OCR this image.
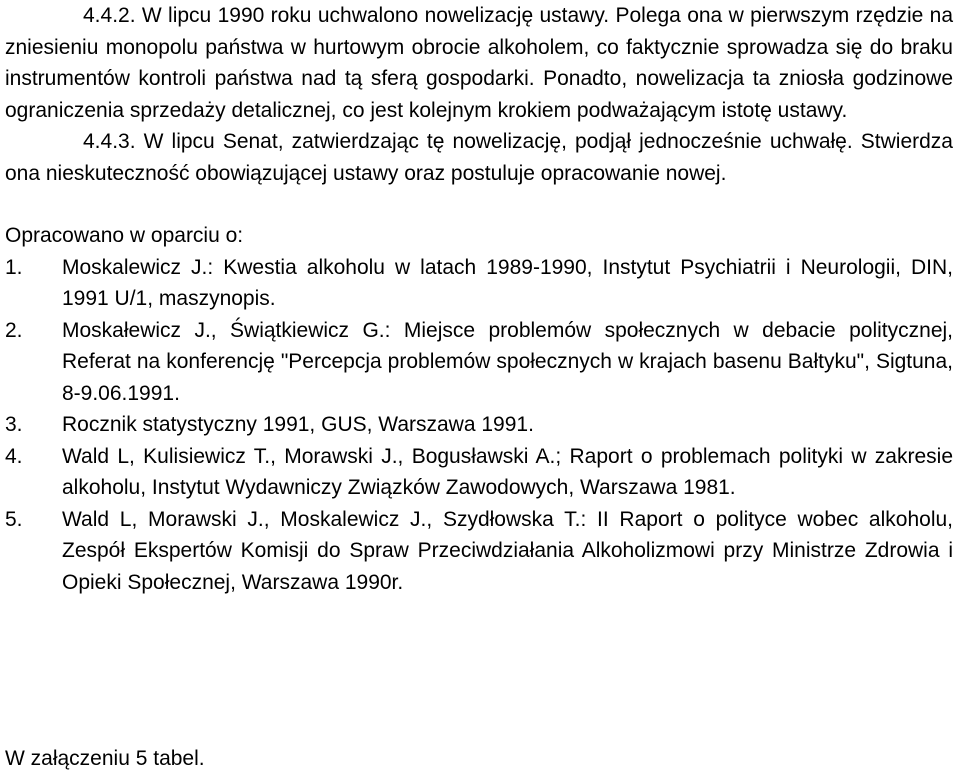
4.4.2. W lipcu 1990 roku uchwalono nowelizację ustawy. Polega ona w pierwszym rzędzie na zniesieniu monopolu państwa w hurtowym obrocie alkoholem, co faktycznie sprowadza się do braku instrumentów kontroli państwa nad tą sferą gospodarki. Ponadto, nowelizacja ta zniosła godzinowe ograniczenia sprzedaży detalicznej, co jest kolejnym krokiem podważającym istotę ustawy.

4.4.3. W lipcu Senat, zatwierdzając tę nowelizację, podjął jednocześnie uchwałę. Stwierdza ona nieskuteczność obowiązującej ustawy oraz postuluje opracowanie nowej.

Opracowano w oparciu o:

1.	Moskalewicz J.: Kwestia alkoholu w latach 1989-1990, Instytut Psychiatrii i Neurologii, DIN, 1991 U/1, maszynopis.
2.	Moskałewicz J., Świątkiewicz G.: Miejsce problemów społecznych w debacie politycznej, Referat na konferencję "Percepcja problemów społecznych w krajach basenu Bałtyku", Sigtuna, 8-9.06.1991.
3.	Rocznik statystyczny 1991, GUS, Warszawa 1991.
4.	Wald L, Kulisiewicz T., Morawski J., Bogusławski A.; Raport o problemach polityki w zakresie alkoholu, Instytut Wydawniczy Związków Zawodowych, Warszawa 1981.
5.	Wald L, Morawski J., Moskalewicz J., Szydłowska T.: II Raport o polityce wobec alkoholu, Zespół Ekspertów Komisji do Spraw Przeciwdziałania Alkoholizmowi przy Ministrze Zdrowia i Opieki Społecznej, Warszawa 1990r.

W załączeniu 5 tabel.
